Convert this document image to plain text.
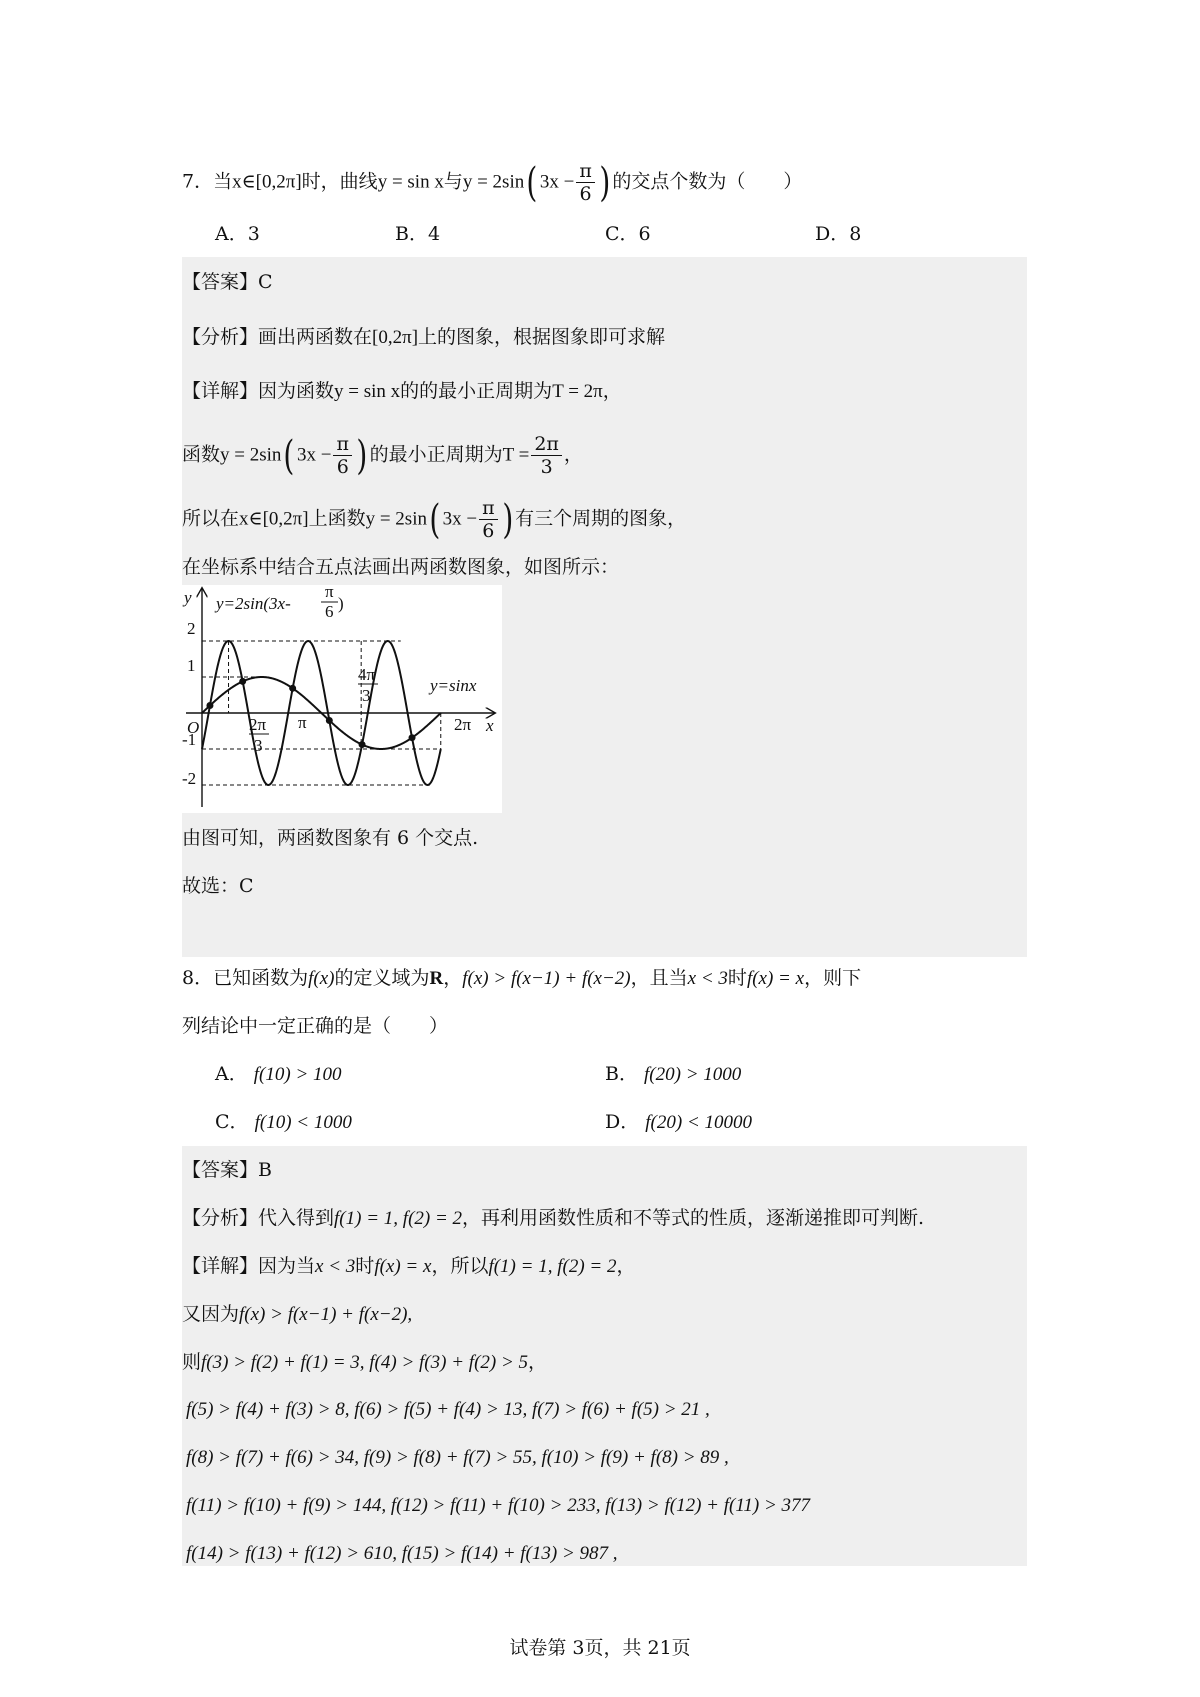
7．当x∈[0,2π]时，曲线y = sin x与y = 2sin( $3x - \frac{\pi}{6}$ ) 的交点个数为（　　）
A．3	B．4	C．6	D．8
【答案】C
【分析】画出两函数在[0,2π]上的图象，根据图象即可求解
【详解】因为函数y = sin x的的最小正周期为T = 2π，
函数y = 2sin( $3x - \frac{\pi}{6}$ ) 的最小正周期为$T = \frac{2\pi}{3}$ ，
所以在x∈[0,2π]上函数y = 2sin( $3x - \frac{\pi}{6}$ ) 有三个周期的图象，
在坐标系中结合五点法画出两函数图象，如图所示：
y
x
O
y=2sin(3x-
π
6 )
y=sinx
2
1
-1
-2
2π
3
π
4π
3
2π
由图可知，两函数图象有 6 个交点.
故选：C
8．已知函数为f(x)的定义域为R，f(x) > f(x−1) + f(x−2)，且当x < 3时f(x) = x，则下
列结论中一定正确的是（　　）
A． f(10) > 100	B． f(20) > 1000
C． f(10) < 1000	D． f(20) < 10000
【答案】B
【分析】代入得到f(1) = 1, f(2) = 2，再利用函数性质和不等式的性质，逐渐递推即可判断.
【详解】因为当x < 3时f(x) = x，所以f(1) = 1, f(2) = 2，
又因为f(x) > f(x−1) + f(x−2),
则f(3) > f(2) + f(1) = 3, f(4) > f(3) + f(2) > 5，
f(5) > f(4) + f(3) > 8, f(6) > f(5) + f(4) > 13, f(7) > f(6) + f(5) > 21 ,
f(8) > f(7) + f(6) > 34, f(9) > f(8) + f(7) > 55, f(10) > f(9) + f(8) > 89 ,
f(11) > f(10) + f(9) > 144, f(12) > f(11) + f(10) > 233, f(13) > f(12) + f(11) > 377
f(14) > f(13) + f(12) > 610, f(15) > f(14) + f(13) > 987 ,
试卷第 3页，共 21页
